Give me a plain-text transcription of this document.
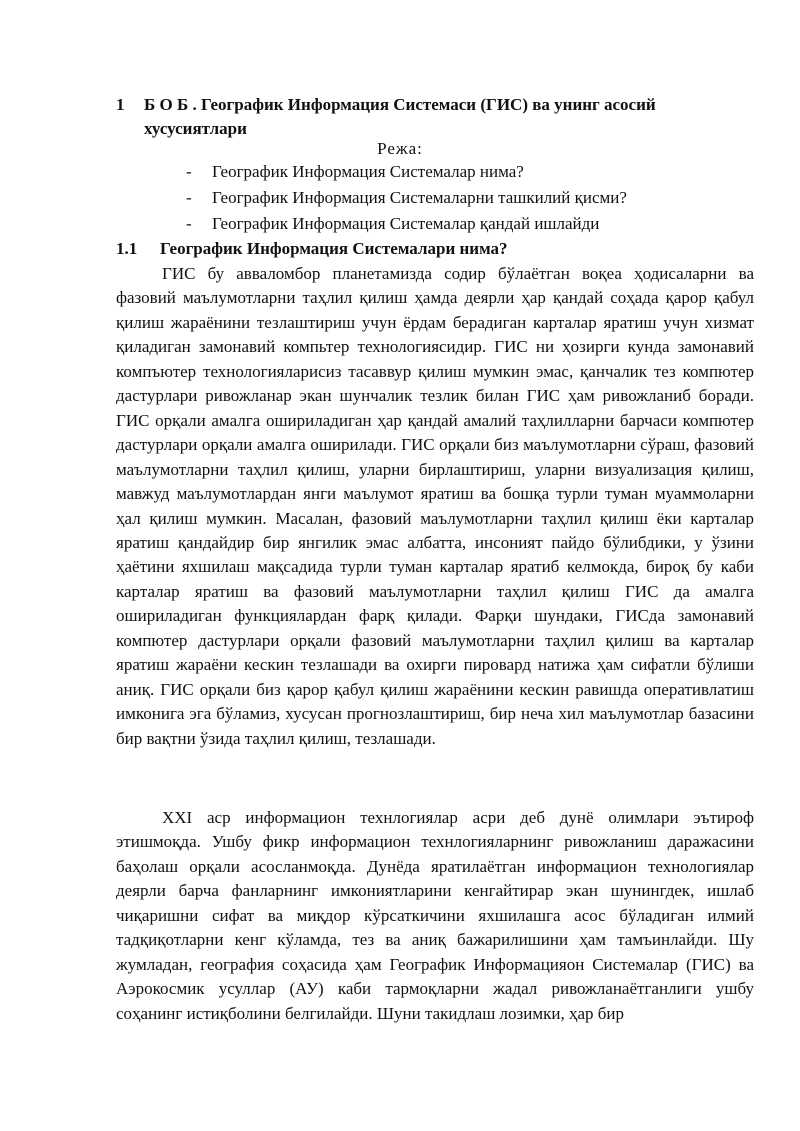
1 Б О Б . Географик Информация Системаси (ГИС) ва унинг асосий хусусиятлари
Режа:
- Географик Информация Системалар нима?
- Географик Информация Системаларни ташкилий қисми?
- Географик Информация Системалар қандай ишлайди
1.1 Географик Информация Системалари нима?

ГИС бу авваломбор планетамизда содир бўлаётган воқеа ҳодисаларни ва фазовий маълумотларни таҳлил қилиш ҳамда деярли ҳар қандай соҳада қарор қабул қилиш жараёнини тезлаштириш учун ёрдам берадиган карталар яратиш учун хизмат қиладиган замонавий компьтер технологиясидир. ГИС ни ҳозирги кунда замонавий компъютер технологияларисиз тасаввур қилиш мумкин эмас, қанчалик тез компютер дастурлари ривожланар экан шунчалик тезлик билан ГИС ҳам ривожланиб боради. ГИС орқали амалга ошириладиган ҳар қандай амалий таҳлилларни барчаси компютер дастурлари орқали амалга оширилади. ГИС орқали биз маълумотларни сўраш, фазовий маълумотларни таҳлил қилиш, уларни бирлаштириш, уларни визуализация қилиш, мавжуд маълумотлардан янги маълумот яратиш ва бошқа турли туман муаммоларни ҳал қилиш мумкин. Масалан, фазовий маълумотларни таҳлил қилиш ёки карталар яратиш қандайдир бир янгилик эмас албатта, инсоният пайдо бўлибдики, у ўзини ҳаётини яхшилаш мақсадида турли туман карталар яратиб келмокда, бироқ бу каби карталар яратиш ва фазовий маълумотларни таҳлил қилиш ГИС да амалга ошириладиган функциялардан фарқ қилади. Фарқи шундаки, ГИСда замонавий компютер дастурлари орқали фазовий маълумотларни таҳлил қилиш ва карталар яратиш жараёни кескин тезлашади ва охирги пировард натижа ҳам сифатли бўлиши аниқ. ГИС орқали биз қарор қабул қилиш жараёнини кескин равишда оперативлатиш имконига эга бўламиз, хусусан прогнозлаштириш, бир неча хил маълумотлар базасини бир вақтни ўзида таҳлил қилиш, тезлашади.

XXI аср информацион технлогиялар асри деб дунё олимлари эътироф этишмоқда. Ушбу фикр информацион технлогияларнинг ривожланиш даражасини баҳолаш орқали асосланмоқда. Дунёда яратилаётган информацион технологиялар деярли барча фанларнинг имкониятларини кенгайтирар экан шунингдек, ишлаб чиқаришни сифат ва миқдор кўрсаткичини яхшилашга асос бўладиган илмий тадқиқотларни кенг кўламда, тез ва аниқ бажарилишини ҳам тамъинлайди. Шу жумладан, география соҳасида ҳам Географик Информацияон Системалар (ГИС) ва Аэрокосмик усуллар (АУ) каби тармоқларни жадал ривожланаётганлиги ушбу соҳанинг истиқболини белгилайди. Шуни такидлаш лозимки, ҳар бир
